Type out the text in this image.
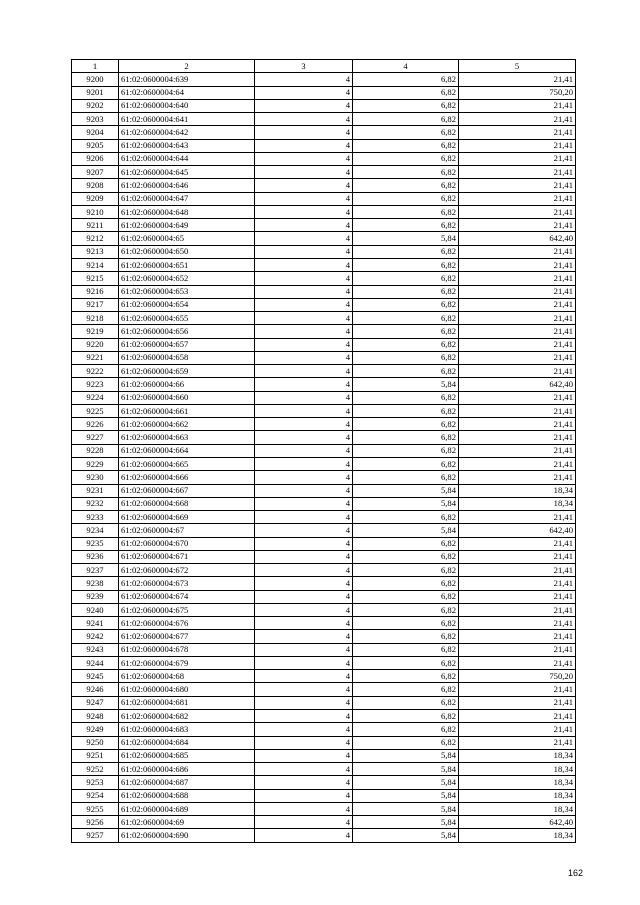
1	2	3	4	5
9200	61:02:0600004:639	4	6,82	21,41
9201	61:02:0600004:64	4	6,82	750,20
9202	61:02:0600004:640	4	6,82	21,41
9203	61:02:0600004:641	4	6,82	21,41
9204	61:02:0600004:642	4	6,82	21,41
9205	61:02:0600004:643	4	6,82	21,41
9206	61:02:0600004:644	4	6,82	21,41
9207	61:02:0600004:645	4	6,82	21,41
9208	61:02:0600004:646	4	6,82	21,41
9209	61:02:0600004:647	4	6,82	21,41
9210	61:02:0600004:648	4	6,82	21,41
9211	61:02:0600004:649	4	6,82	21,41
9212	61:02:0600004:65	4	5,84	642,40
9213	61:02:0600004:650	4	6,82	21,41
9214	61:02:0600004:651	4	6,82	21,41
9215	61:02:0600004:652	4	6,82	21,41
9216	61:02:0600004:653	4	6,82	21,41
9217	61:02:0600004:654	4	6,82	21,41
9218	61:02:0600004:655	4	6,82	21,41
9219	61:02:0600004:656	4	6,82	21,41
9220	61:02:0600004:657	4	6,82	21,41
9221	61:02:0600004:658	4	6,82	21,41
9222	61:02:0600004:659	4	6,82	21,41
9223	61:02:0600004:66	4	5,84	642,40
9224	61:02:0600004:660	4	6,82	21,41
9225	61:02:0600004:661	4	6,82	21,41
9226	61:02:0600004:662	4	6,82	21,41
9227	61:02:0600004:663	4	6,82	21,41
9228	61:02:0600004:664	4	6,82	21,41
9229	61:02:0600004:665	4	6,82	21,41
9230	61:02:0600004:666	4	6,82	21,41
9231	61:02:0600004:667	4	5,84	18,34
9232	61:02:0600004:668	4	5,84	18,34
9233	61:02:0600004:669	4	6,82	21,41
9234	61:02:0600004:67	4	5,84	642,40
9235	61:02:0600004:670	4	6,82	21,41
9236	61:02:0600004:671	4	6,82	21,41
9237	61:02:0600004:672	4	6,82	21,41
9238	61:02:0600004:673	4	6,82	21,41
9239	61:02:0600004:674	4	6,82	21,41
9240	61:02:0600004:675	4	6,82	21,41
9241	61:02:0600004:676	4	6,82	21,41
9242	61:02:0600004:677	4	6,82	21,41
9243	61:02:0600004:678	4	6,82	21,41
9244	61:02:0600004:679	4	6,82	21,41
9245	61:02:0600004:68	4	6,82	750,20
9246	61:02:0600004:680	4	6,82	21,41
9247	61:02:0600004:681	4	6,82	21,41
9248	61:02:0600004:682	4	6,82	21,41
9249	61:02:0600004:683	4	6,82	21,41
9250	61:02:0600004:684	4	6,82	21,41
9251	61:02:0600004:685	4	5,84	18,34
9252	61:02:0600004:686	4	5,84	18,34
9253	61:02:0600004:687	4	5,84	18,34
9254	61:02:0600004:688	4	5,84	18,34
9255	61:02:0600004:689	4	5,84	18,34
9256	61:02:0600004:69	4	5,84	642,40
9257	61:02:0600004:690	4	5,84	18,34
162
